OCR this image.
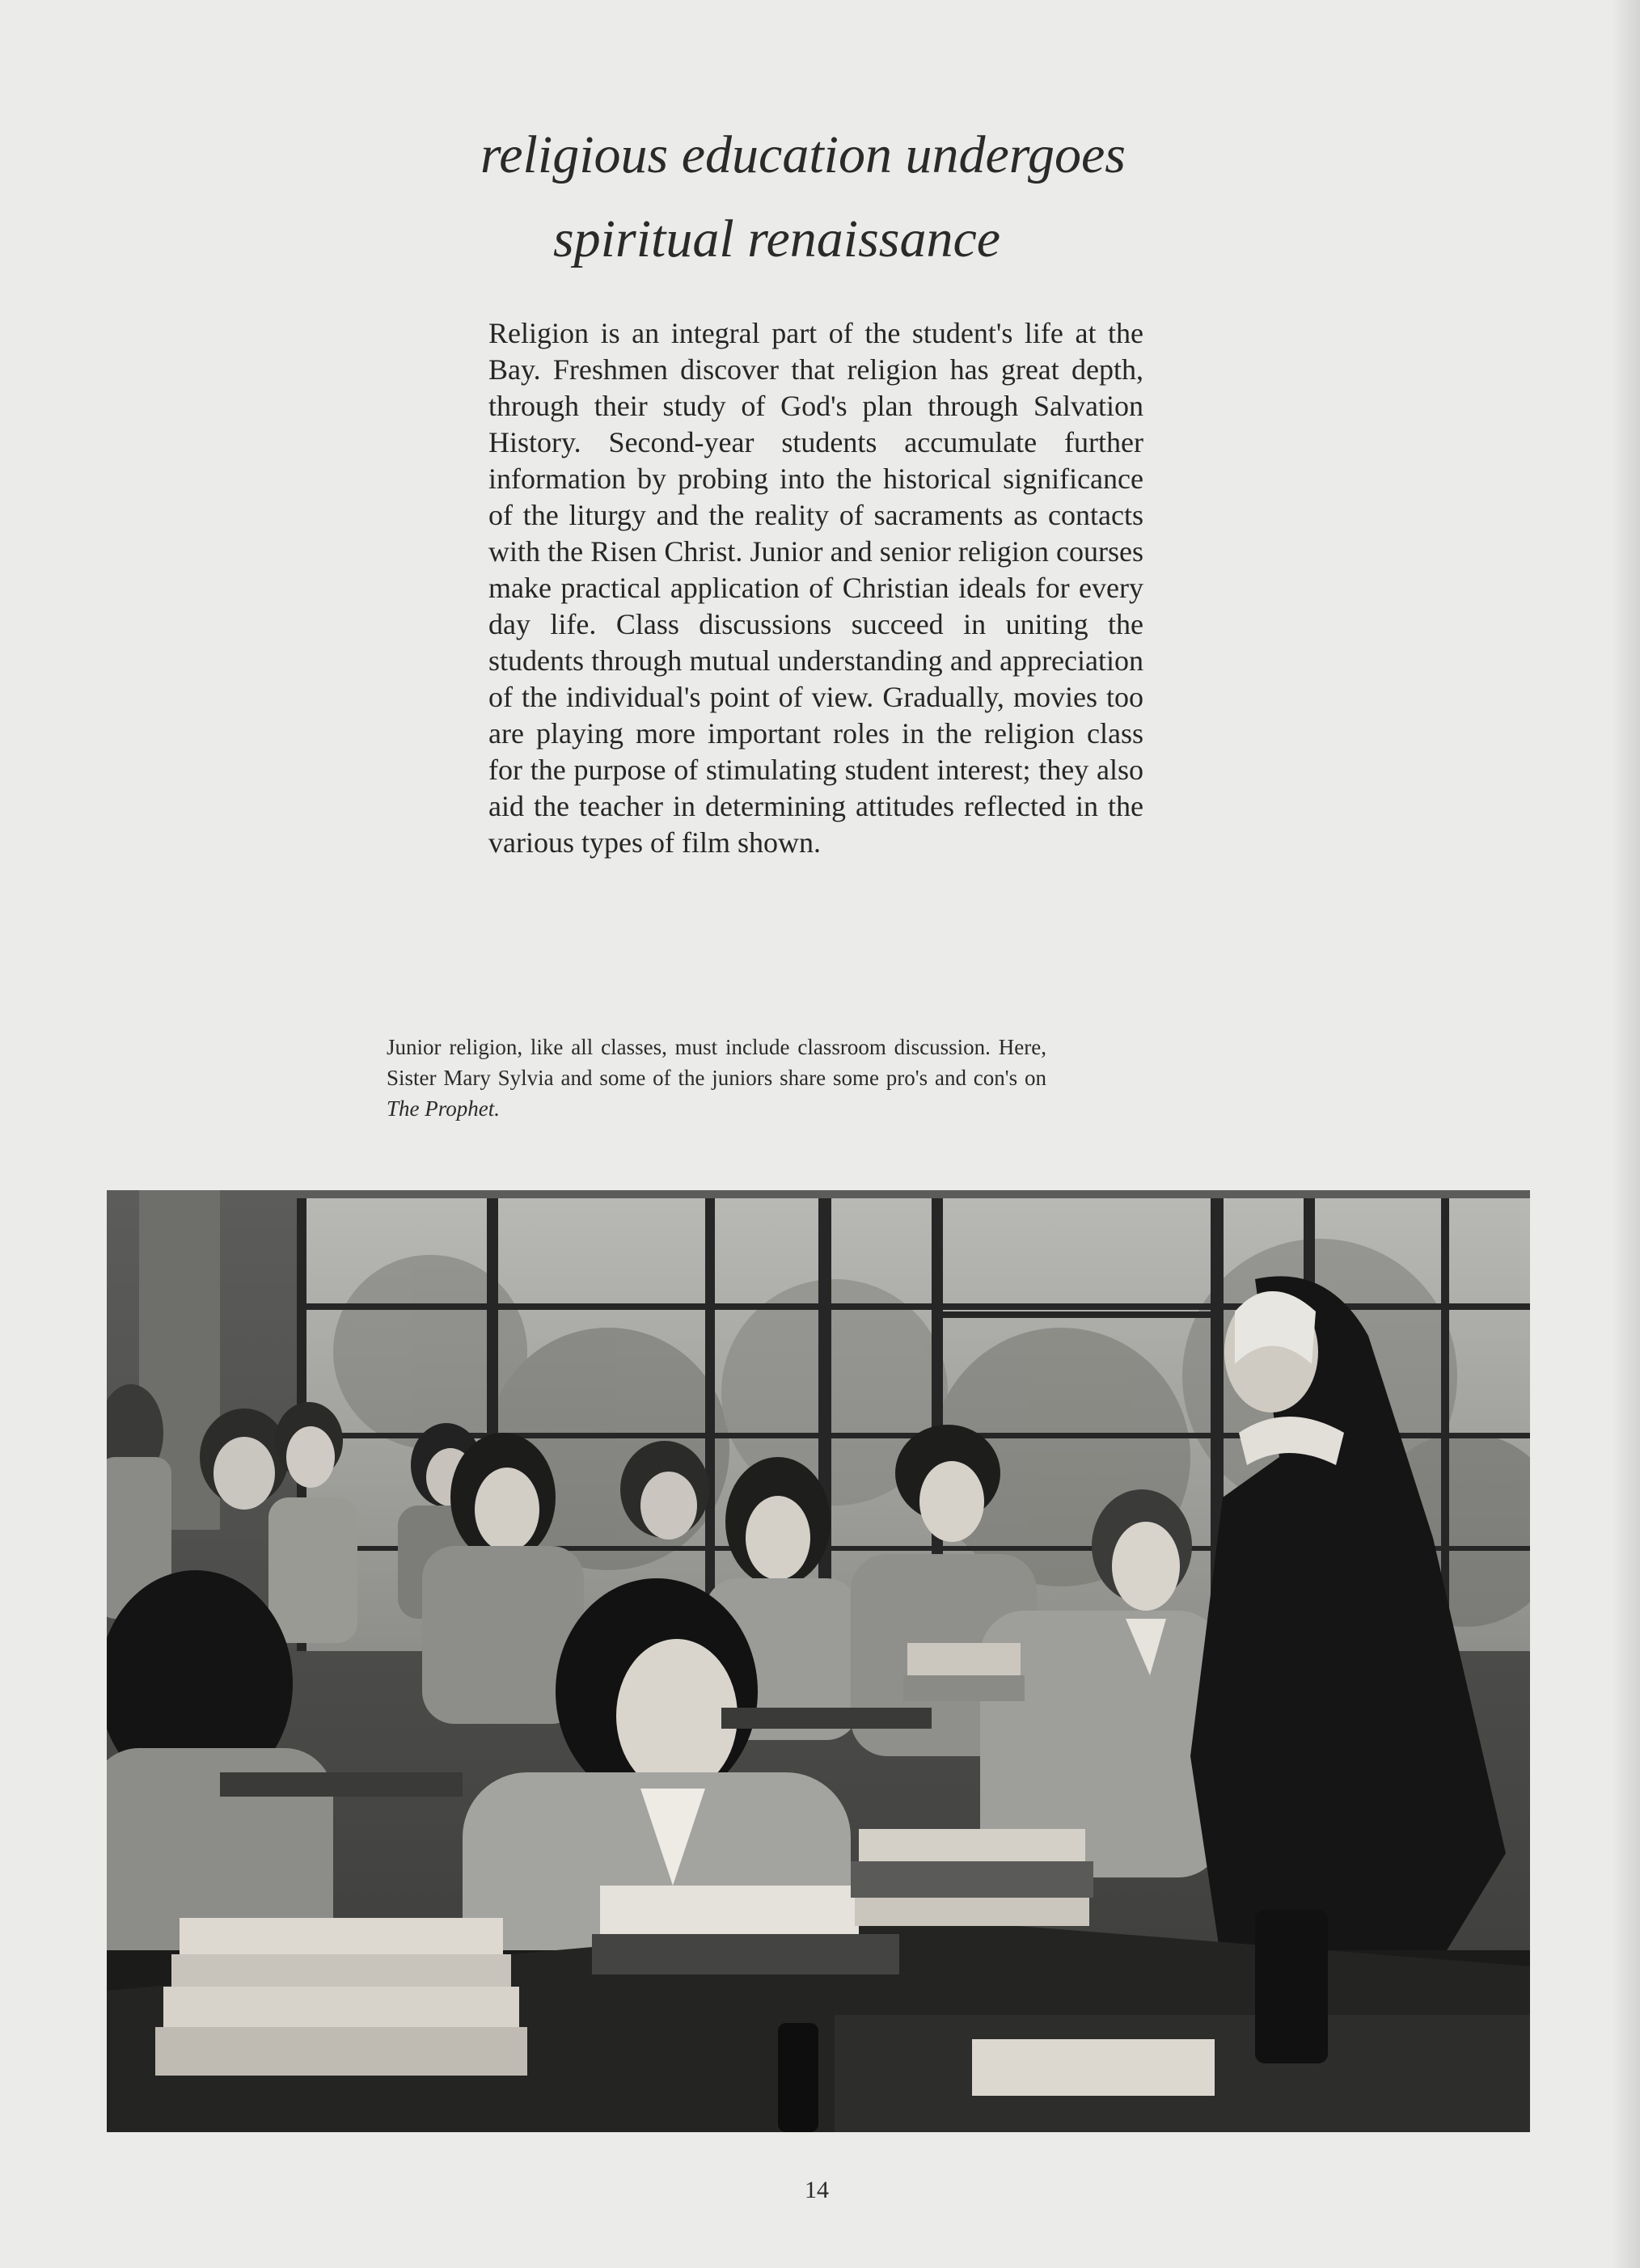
religious education undergoes
spiritual renaissance

Religion is an integral part of the student's life at the Bay. Freshmen discover that religion has great depth, through their study of God's plan through Salvation History. Second-year students accumulate further information by probing into the historical significance of the liturgy and the reality of sacraments as contacts with the Risen Christ. Junior and senior religion courses make practical application of Christian ideals for every day life. Class discussions succeed in uniting the students through mutual understanding and appreciation of the individual's point of view. Gradually, movies too are playing more important roles in the religion class for the purpose of stimulating student interest; they also aid the teacher in determining attitudes reflected in the various types of film shown.

Junior religion, like all classes, must include classroom discussion. Here, Sister Mary Sylvia and some of the juniors share some pro's and con's on The Prophet.

14
